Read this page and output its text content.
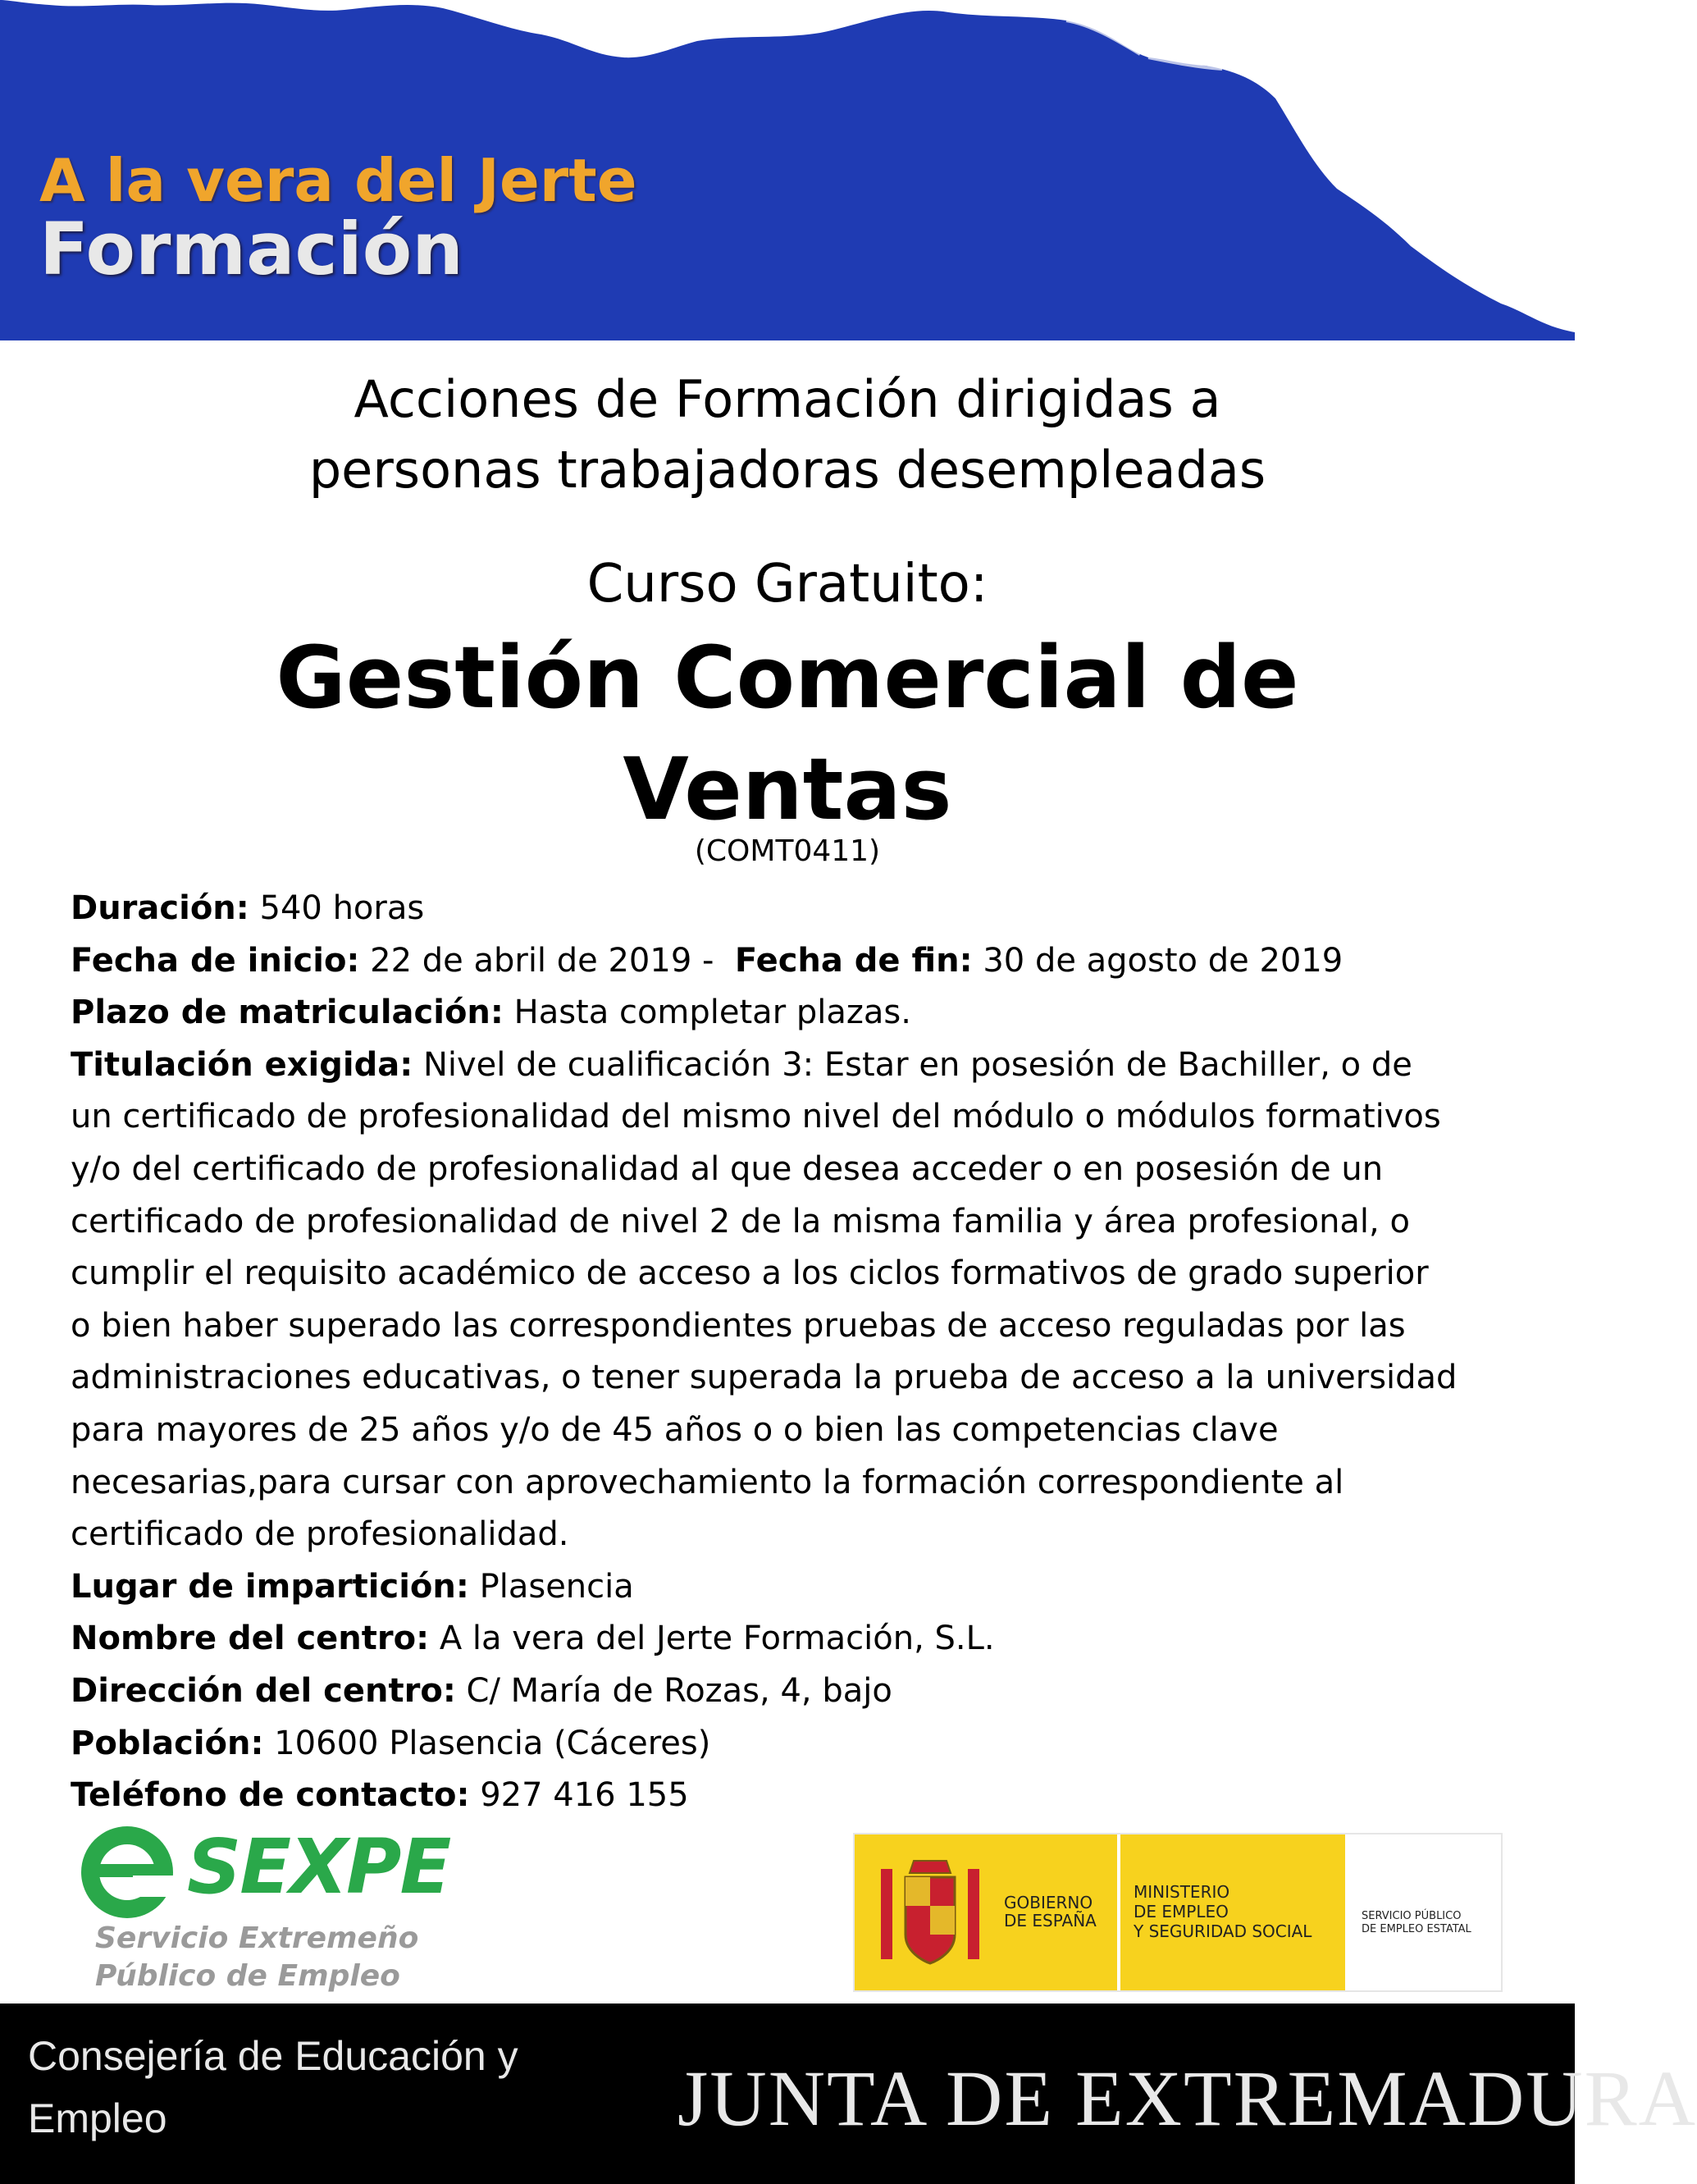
A la vera del Jerte
Formación
Acciones de Formación dirigidas a
personas trabajadoras desempleadas
Curso Gratuito:
Gestión Comercial de
Ventas
(COMT0411)

Duración: 540 horas

Fecha de inicio: 22 de abril de 2019 - Fecha de fin: 30 de agosto de 2019

Plazo de matriculación: Hasta completar plazas.

Titulación exigida: Nivel de cualificación 3: Estar en posesión de Bachiller, o de
un certificado de profesionalidad del mismo nivel del módulo o módulos formativos
y/o del certificado de profesionalidad al que desea acceder o en posesión de un
certificado de profesionalidad de nivel 2 de la misma familia y área profesional, o
cumplir el requisito académico de acceso a los ciclos formativos de grado superior
o bien haber superado las correspondientes pruebas de acceso reguladas por las
administraciones educativas, o tener superada la prueba de acceso a la universidad
para mayores de 25 años y/o de 45 años o o bien las competencias clave
necesarias,para cursar con aprovechamiento la formación correspondiente al
certificado de profesionalidad.

Lugar de impartición: Plasencia

Nombre del centro: A la vera del Jerte Formación, S.L.

Dirección del centro: C/ María de Rozas, 4, bajo

Población: 10600 Plasencia (Cáceres)

Teléfono de contacto: 927 416 155

SEXPE
Servicio Extremeño
Público de Empleo
GOBIERNO
DE ESPAÑA
MINISTERIO
DE EMPLEO
Y SEGURIDAD SOCIAL
SERVICIO PÚBLICO
DE EMPLEO ESTATAL
Consejería de Educación y
Empleo	JUNTA DE EXTREMADURA
